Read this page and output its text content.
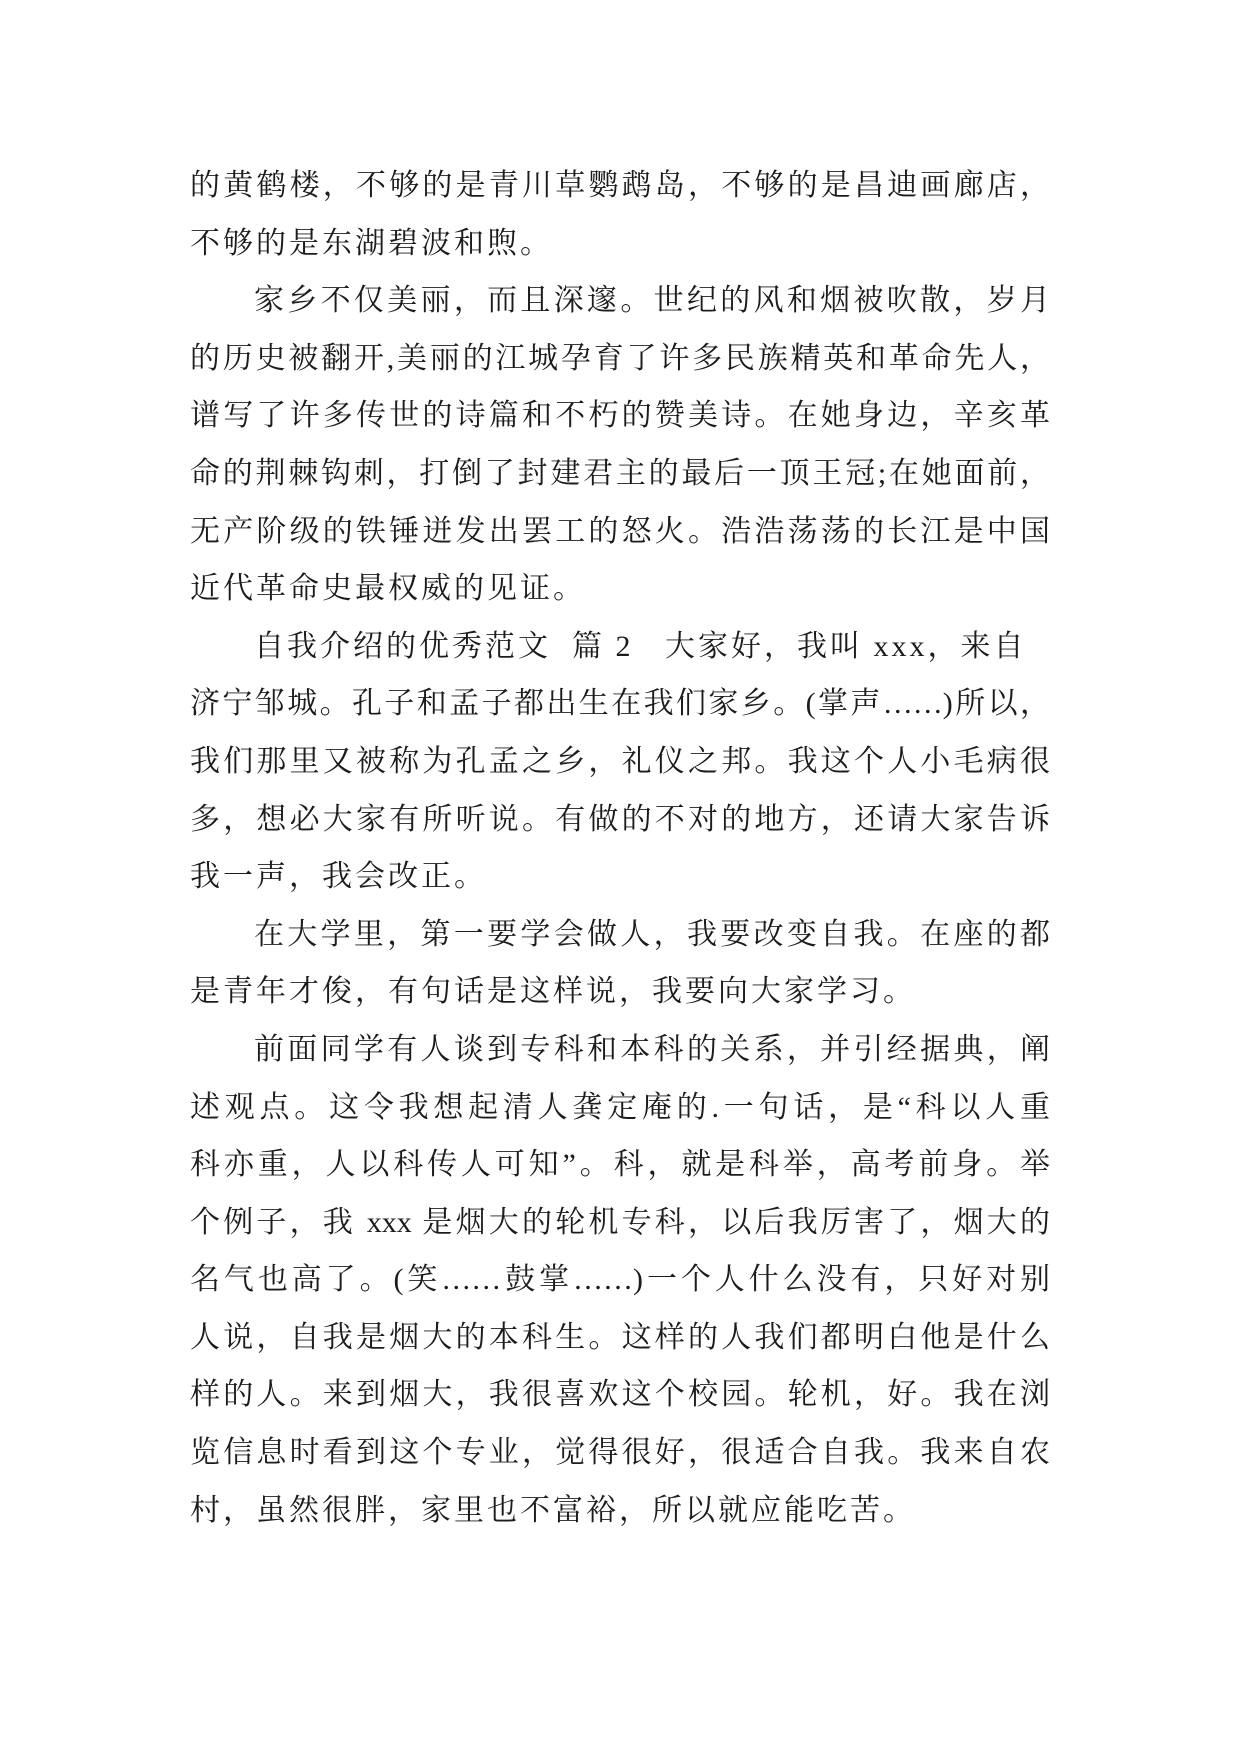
的黄鹤楼，不够的是青川草鹦鹉岛，不够的是昌迪画廊店，
不够的是东湖碧波和煦。
家乡不仅美丽，而且深邃。世纪的风和烟被吹散，岁月
的历史被翻开,美丽的江城孕育了许多民族精英和革命先人，
谱写了许多传世的诗篇和不朽的赞美诗。在她身边，辛亥革
命的荆棘钩刺，打倒了封建君主的最后一顶王冠;在她面前，
无产阶级的铁锤迸发出罢工的怒火。浩浩荡荡的长江是中国
近代革命史最权威的见证。
自我介绍的优秀范文  篇 2   大家好，我叫 xxx，来自
济宁邹城。孔子和孟子都出生在我们家乡。(掌声……)所以，
我们那里又被称为孔孟之乡，礼仪之邦。我这个人小毛病很
多，想必大家有所听说。有做的不对的地方，还请大家告诉
我一声，我会改正。
在大学里，第一要学会做人，我要改变自我。在座的都
是青年才俊，有句话是这样说，我要向大家学习。
前面同学有人谈到专科和本科的关系，并引经据典，阐
述观点。这令我想起清人龚定庵的.一句话，是“科以人重
科亦重，人以科传人可知”。科，就是科举，高考前身。举
个例子，我 xxx 是烟大的轮机专科，以后我厉害了，烟大的
名气也高了。(笑……鼓掌……)一个人什么没有，只好对别
人说，自我是烟大的本科生。这样的人我们都明白他是什么
样的人。来到烟大，我很喜欢这个校园。轮机，好。我在浏
览信息时看到这个专业，觉得很好，很适合自我。我来自农
村，虽然很胖，家里也不富裕，所以就应能吃苦。
